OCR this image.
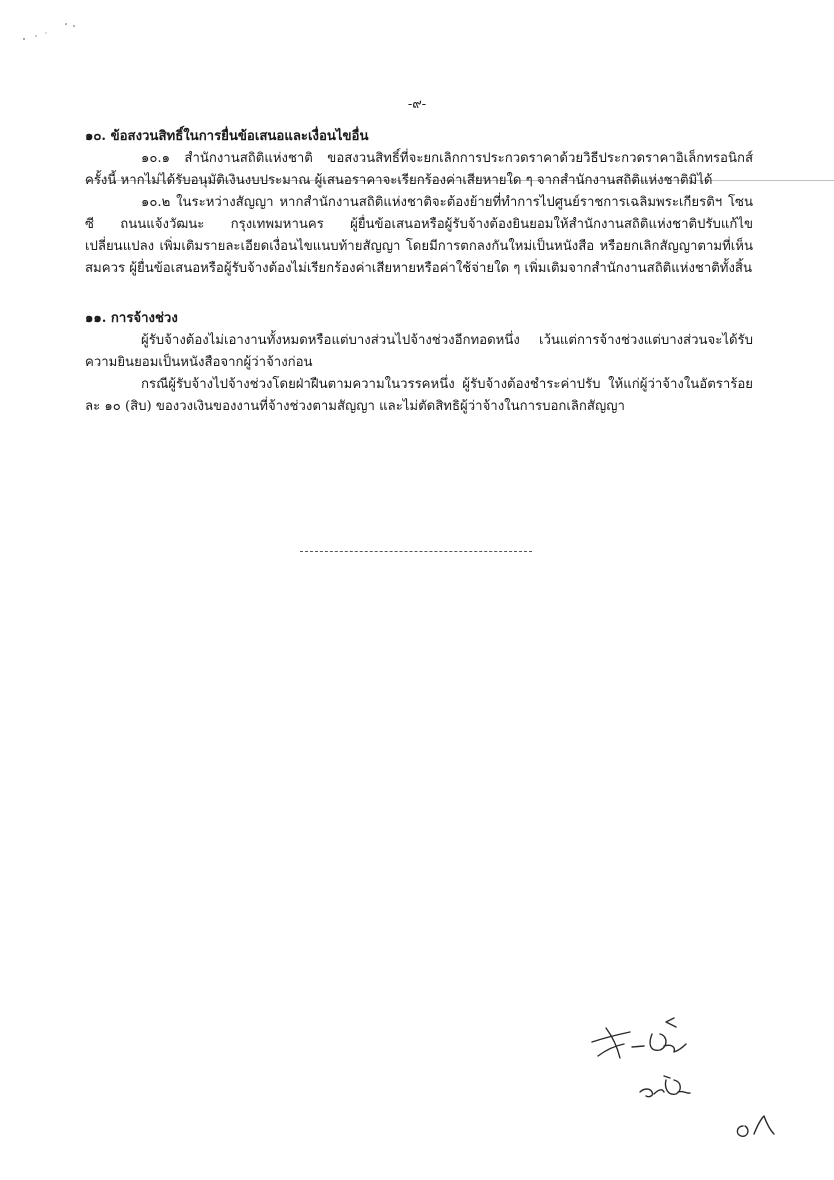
-๙-

๑๐. ข้อสงวนสิทธิ์ในการยื่นข้อเสนอและเงื่อนไขอื่น

๑๐.๑ สำนักงานสถิติแห่งชาติ ขอสงวนสิทธิ์ที่จะยกเลิกการประกวดราคาด้วยวิธีประกวดราคาอิเล็กทรอนิกส์ครั้งนี้ หากไม่ได้รับอนุมัติเงินงบประมาณ ผู้เสนอราคาจะเรียกร้องค่าเสียหายใด ๆ จากสำนักงานสถิติแห่งชาติมิได้

๑๐.๒ ในระหว่างสัญญา หากสำนักงานสถิติแห่งชาติจะต้องย้ายที่ทำการไปศูนย์ราชการเฉลิมพระเกียรติฯ โซนซี ถนนแจ้งวัฒนะ กรุงเทพมหานคร ผู้ยื่นข้อเสนอหรือผู้รับจ้างต้องยินยอมให้สำนักงานสถิติแห่งชาติปรับแก้ไขเปลี่ยนแปลง เพิ่มเติมรายละเอียดเงื่อนไขแนบท้ายสัญญา โดยมีการตกลงกันใหม่เป็นหนังสือ หรือยกเลิกสัญญาตามที่เห็นสมควร ผู้ยื่นข้อเสนอหรือผู้รับจ้างต้องไม่เรียกร้องค่าเสียหายหรือค่าใช้จ่ายใด ๆ เพิ่มเติมจากสำนักงานสถิติแห่งชาติทั้งสิ้น

๑๑. การจ้างช่วง

ผู้รับจ้างต้องไม่เอางานทั้งหมดหรือแต่บางส่วนไปจ้างช่วงอีกทอดหนึ่ง เว้นแต่การจ้างช่วงแต่บางส่วนจะได้รับความยินยอมเป็นหนังสือจากผู้ว่าจ้างก่อน

กรณีผู้รับจ้างไปจ้างช่วงโดยฝ่าฝืนตามความในวรรคหนึ่ง ผู้รับจ้างต้องชำระค่าปรับ ให้แก่ผู้ว่าจ้างในอัตราร้อยละ ๑๐ (สิบ) ของวงเงินของงานที่จ้างช่วงตามสัญญา และไม่ตัดสิทธิผู้ว่าจ้างในการบอกเลิกสัญญา
